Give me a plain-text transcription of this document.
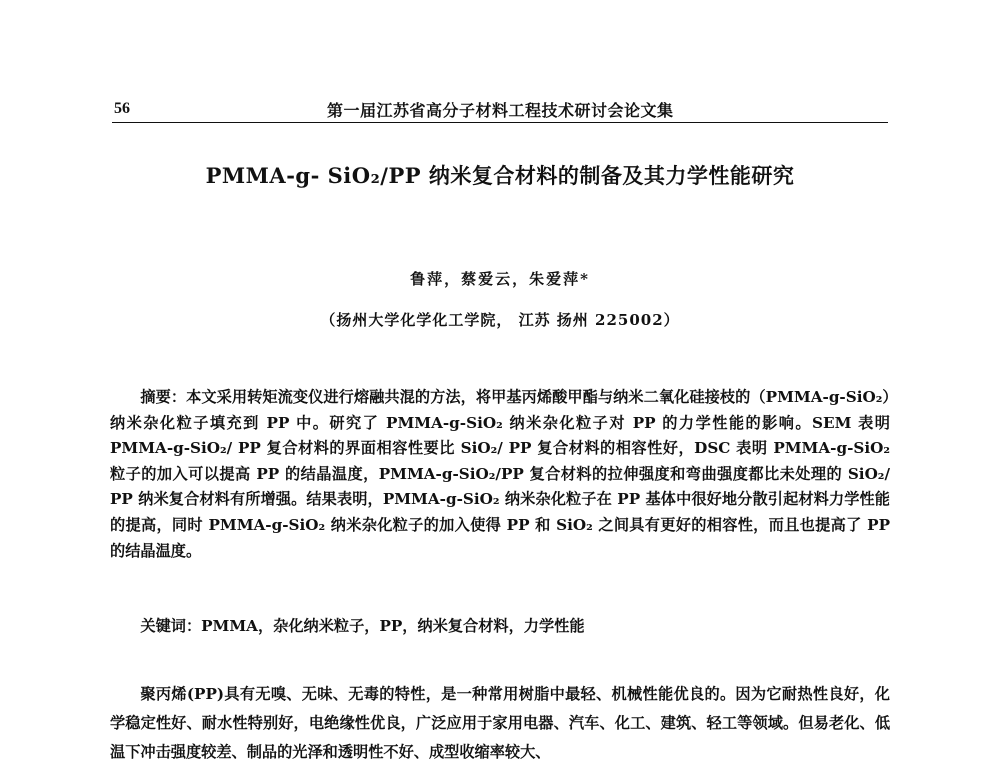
56	第一届江苏省高分子材料工程技术研讨会论文集
PMMA-g- SiO₂/PP 纳米复合材料的制备及其力学性能研究
鲁萍，蔡爱云，朱爱萍*
（扬州大学化学化工学院， 江苏 扬州 225002）

摘要：本文采用转矩流变仪进行熔融共混的方法，将甲基丙烯酸甲酯与纳米二氧化硅接枝的（PMMA-g-SiO₂）纳米杂化粒子填充到 PP 中。研究了 PMMA-g-SiO₂ 纳米杂化粒子对 PP 的力学性能的影响。SEM 表明 PMMA-g-SiO₂/ PP 复合材料的界面相容性要比 SiO₂/ PP 复合材料的相容性好，DSC 表明 PMMA-g-SiO₂ 粒子的加入可以提高 PP 的结晶温度，PMMA-g-SiO₂/PP 复合材料的拉伸强度和弯曲强度都比未处理的 SiO₂/ PP 纳米复合材料有所增强。结果表明，PMMA-g-SiO₂ 纳米杂化粒子在 PP 基体中很好地分散引起材料力学性能的提高，同时 PMMA-g-SiO₂ 纳米杂化粒子的加入使得 PP 和 SiO₂ 之间具有更好的相容性，而且也提高了 PP 的结晶温度。

关键词：PMMA，杂化纳米粒子，PP，纳米复合材料，力学性能

聚丙烯(PP)具有无嗅、无味、无毒的特性，是一种常用树脂中最轻、机械性能优良的。因为它耐热性良好，化学稳定性好、耐水性特别好，电绝缘性优良，广泛应用于家用电器、汽车、化工、建筑、轻工等领域。但易老化、低温下冲击强度较差、制品的光泽和透明性不好、成型收缩率较大、
